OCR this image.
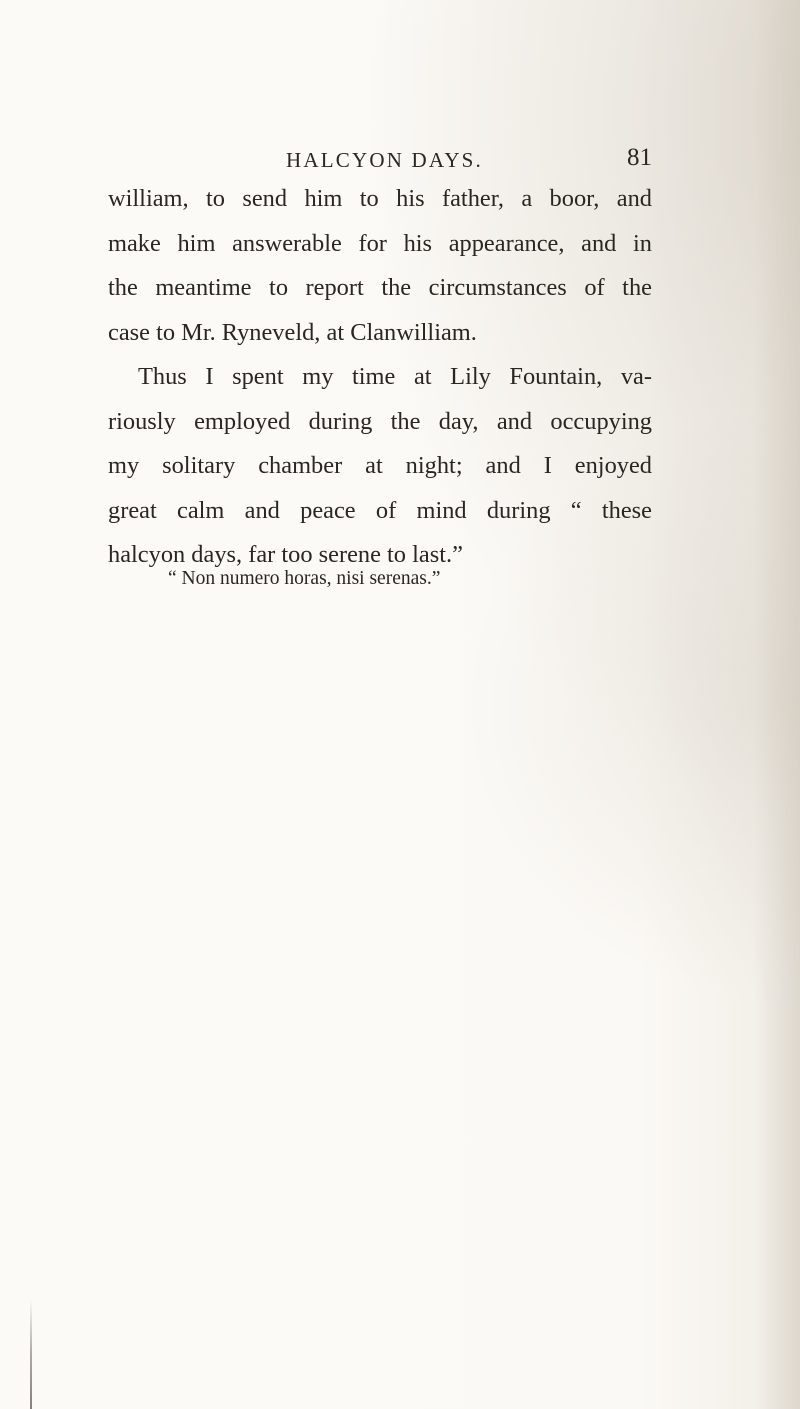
HALCYON DAYS.	81
william, to send him to his father, a boor, and
make him answerable for his appearance, and in
the meantime to report the circumstances of the
case to Mr. Ryneveld, at Clanwilliam.
Thus I spent my time at Lily Fountain, va-
riously employed during the day, and occupying
my solitary chamber at night; and I enjoyed
great calm and peace of mind during “ these
halcyon days, far too serene to last.”
“ Non numero horas, nisi serenas.”
